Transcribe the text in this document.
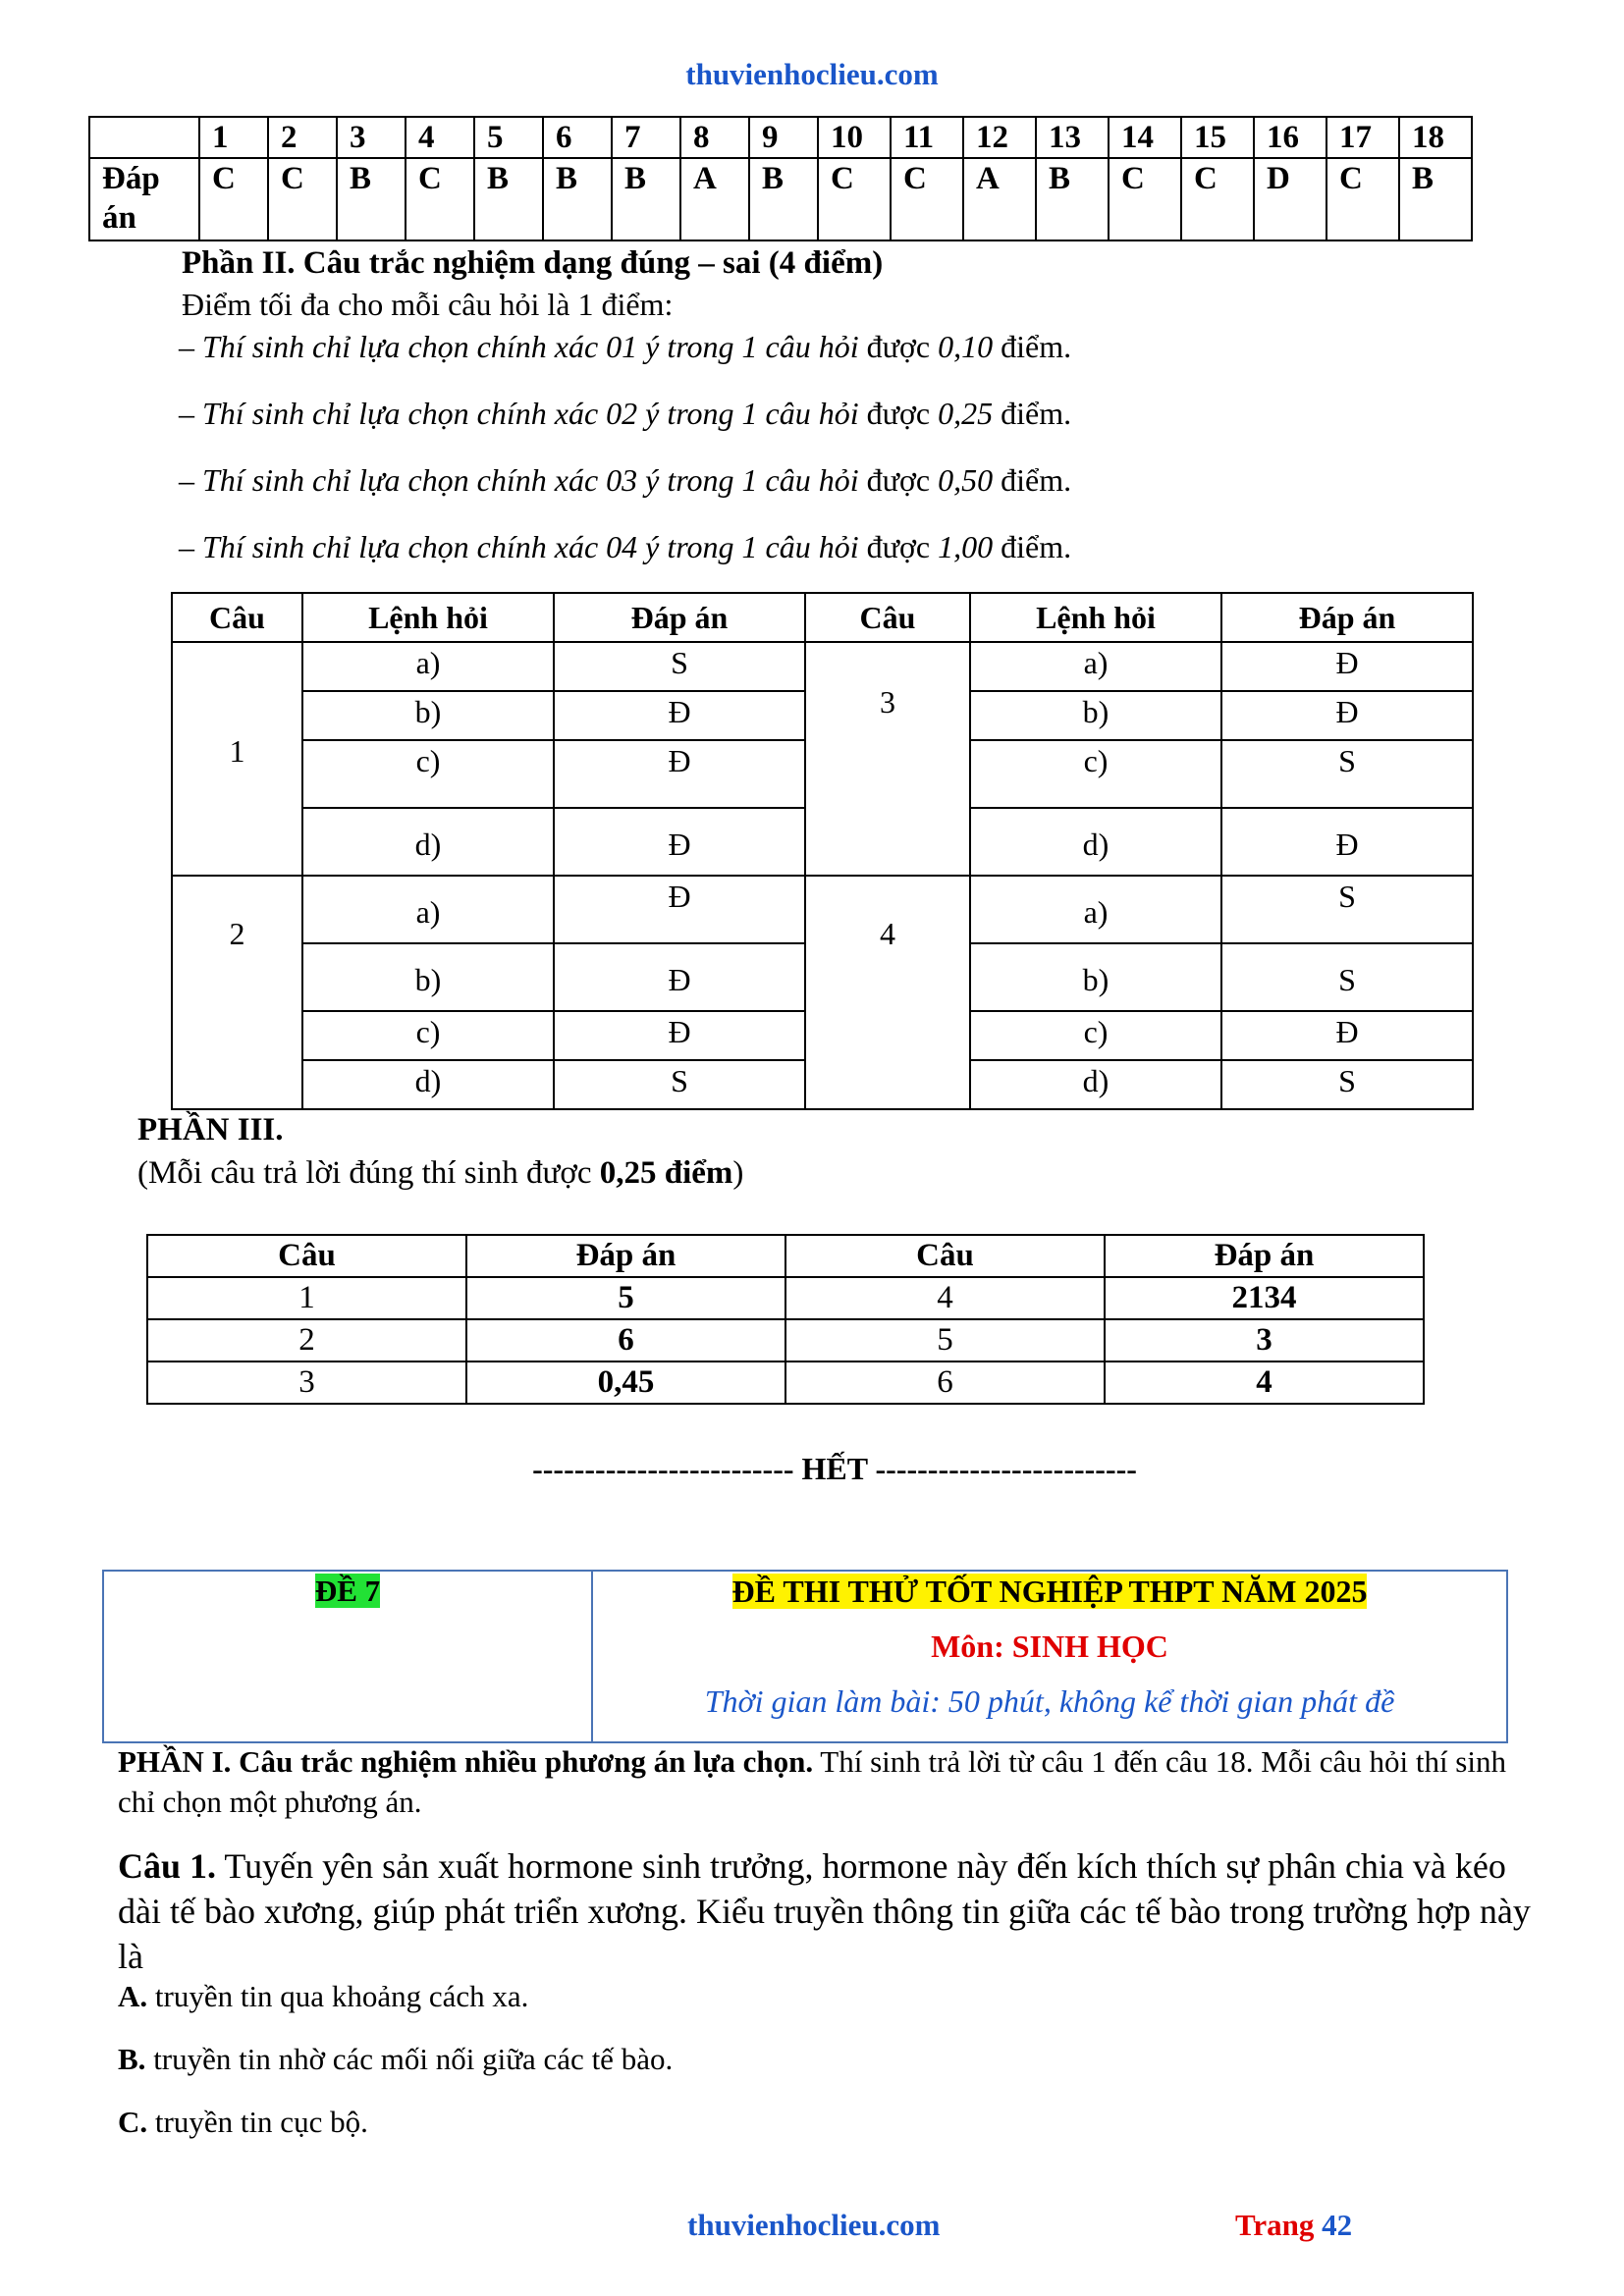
thuvienhoclieu.com
	1	2	3	4	5	6	7	8	9	10	11	12	13	14	15	16	17	18
Đáp án	C	C	B	C	B	B	B	A	B	C	C	A	B	C	C	D	C	B
Phần II. Câu trắc nghiệm dạng đúng – sai (4 điểm)
Điểm tối đa cho mỗi câu hỏi là 1 điểm:
– Thí sinh chỉ lựa chọn chính xác 01 ý trong 1 câu hỏi được 0,10 điểm.
– Thí sinh chỉ lựa chọn chính xác 02 ý trong 1 câu hỏi được 0,25 điểm.
– Thí sinh chỉ lựa chọn chính xác 03 ý trong 1 câu hỏi được 0,50 điểm.
– Thí sinh chỉ lựa chọn chính xác 04 ý trong 1 câu hỏi được 1,00 điểm.
Câu	Lệnh hỏi	Đáp án	Câu	Lệnh hỏi	Đáp án
1	a)	S	3	a)	Đ
	b)	Đ		b)	Đ
	c)	Đ		c)	S
	d)	Đ		d)	Đ
2	a)	Đ	4	a)	S
	b)	Đ		b)	S
	c)	Đ		c)	Đ
	d)	S		d)	S
PHẦN III.
(Mỗi câu trả lời đúng thí sinh được 0,25 điểm)
Câu	Đáp án	Câu	Đáp án
1	5	4	2134
2	6	5	3
3	0,45	6	4
------------------------- HẾT -------------------------
ĐỀ 7	ĐỀ THI THỬ TỐT NGHIỆP THPT NĂM 2025
Môn: SINH HỌC
Thời gian làm bài: 50 phút, không kể thời gian phát đề
PHẦN I. Câu trắc nghiệm nhiều phương án lựa chọn. Thí sinh trả lời từ câu 1 đến câu 18. Mỗi câu hỏi thí sinh chỉ chọn một phương án.
Câu 1. Tuyến yên sản xuất hormone sinh trưởng, hormone này đến kích thích sự phân chia và kéo dài tế bào xương, giúp phát triển xương. Kiểu truyền thông tin giữa các tế bào trong trường hợp này là
A. truyền tin qua khoảng cách xa.
B. truyền tin nhờ các mối nối giữa các tế bào.
C. truyền tin cục bộ.
thuvienhoclieu.com	Trang 42
